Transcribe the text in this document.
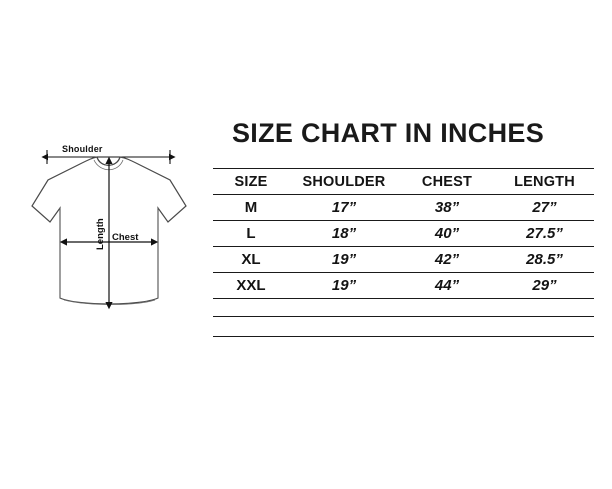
Shoulder
Chest
Length
SIZE CHART IN INCHES
SIZE	SHOULDER	CHEST	LENGTH
M	17”	38”	27”
L	18”	40”	27.5”
XL	19”	42”	28.5”
XXL	19”	44”	29”
